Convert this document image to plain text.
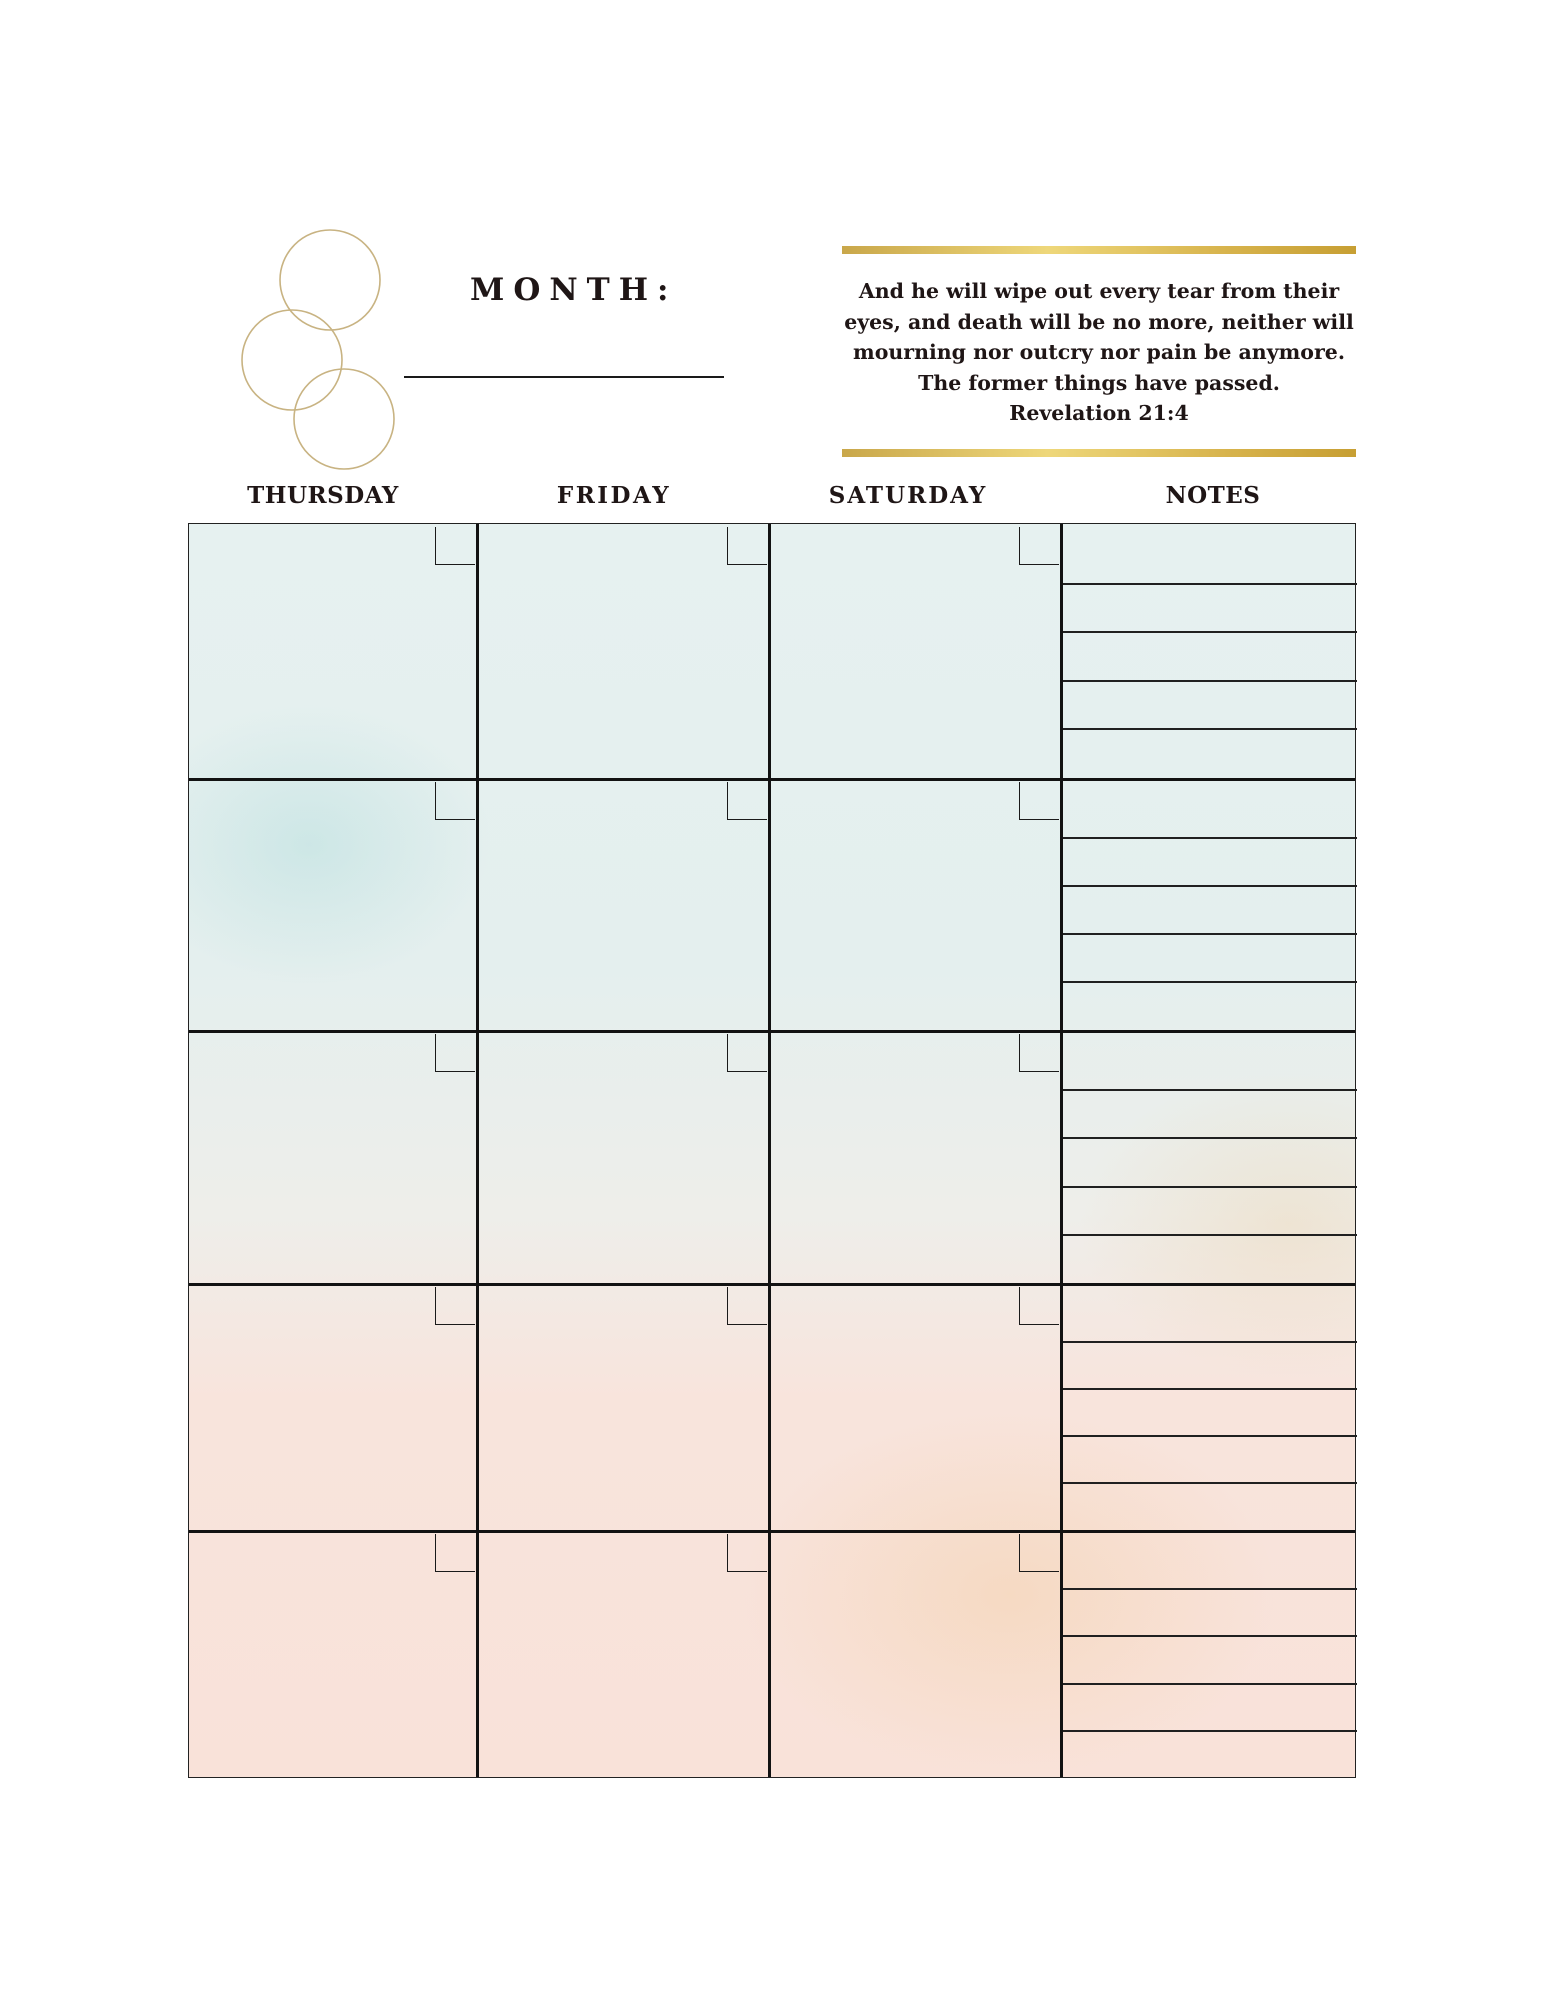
MONTH:	And he will wipe out every tear from their eyes, and death will be no more, neither will mourning nor outcry nor pain be anymore. The former things have passed.
Revelation 21:4
THURSDAY	FRIDAY	SATURDAY	NOTES
